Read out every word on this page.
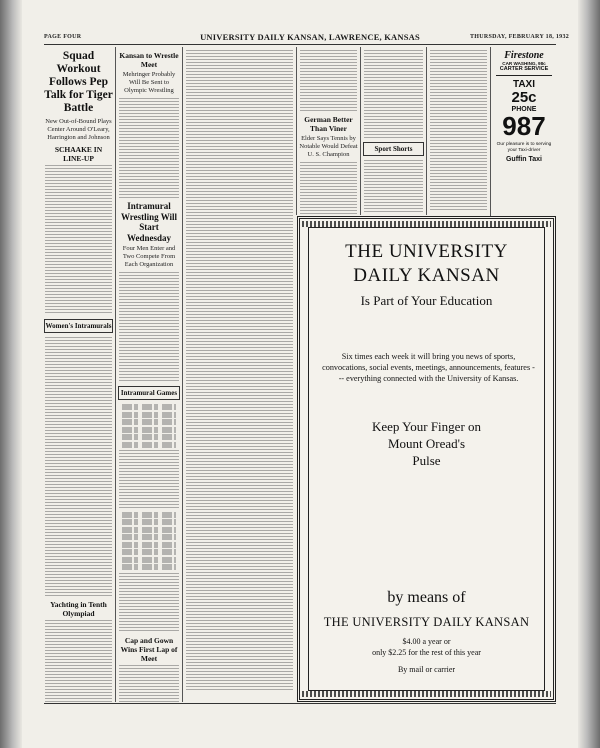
PAGE FOUR	UNIVERSITY DAILY KANSAN, LAWRENCE, KANSAS	THURSDAY, FEBRUARY 18, 1932
Squad Workout Follows Pep Talk for Tiger Battle
New Out-of-Bound Plays Center Around O'Leary, Harrington and Johnson
SCHAAKE IN LINE-UP
Women's Intramurals
Yachting in Tenth Olympiad
Kansan to Wrestle Meet
Mehringer Probably Will Be Sent to Olympic Wrestling
Intramural Wrestling Will Start Wednesday
Four Men Enter and Two Compete From Each Organization
Intramural Games
Cap and Gown Wins First Lap of Meet
German Better Than Viner
Elder Says Tennis by Notable Would Defeat U. S. Champion
Sport Shorts
Firestone
CAR WASHING, 98c
CARTER SERVICE
TAXI
25c
PHONE
987
Our pleasure is to serving your Taxi-driver
Guffin Taxi
THE UNIVERSITY
DAILY KANSAN
Is Part of Your Education
Six times each week it will bring you news of sports, convocations, social events, meetings, announcements, features --- everything connected with the University of Kansas.
Keep Your Finger on
Mount Oread's
Pulse
by means of
THE UNIVERSITY DAILY KANSAN
$4.00 a year or
only $2.25 for the rest of this year
By mail or carrier
